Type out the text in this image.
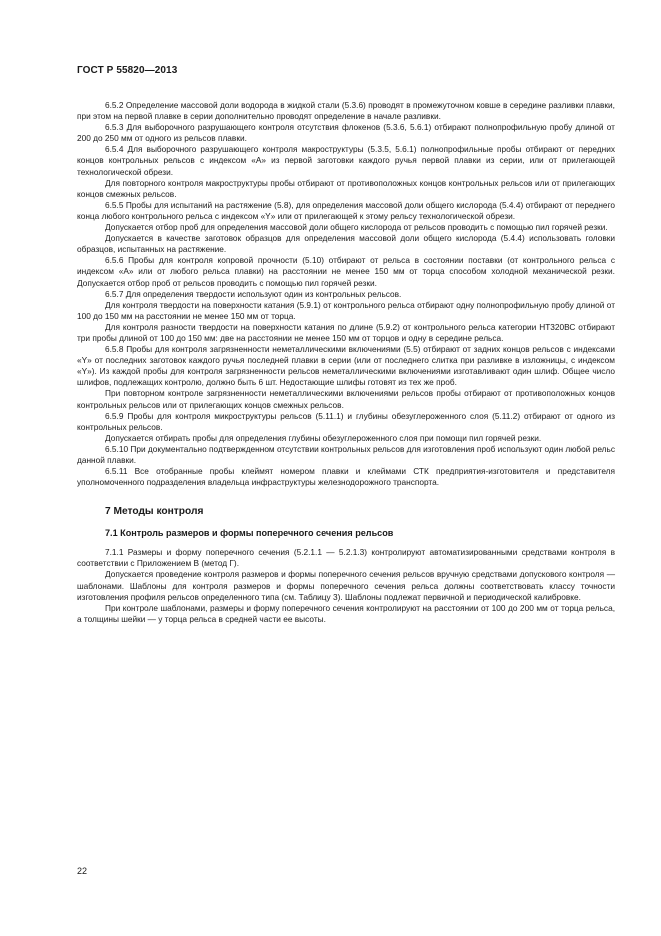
ГОСТ Р 55820—2013

6.5.2 Определение массовой доли водорода в жидкой стали (5.3.6) проводят в промежуточном ковше в середине разливки плавки, при этом на первой плавке в серии дополнительно проводят определение в начале разливки.

6.5.3 Для выборочного разрушающего контроля отсутствия флокенов (5.3.6, 5.6.1) отбирают полнопрофильную пробу длиной от 200 до 250 мм от одного из рельсов плавки.

6.5.4 Для выборочного разрушающего контроля макроструктуры (5.3.5, 5.6.1) полнопрофильные пробы отбирают от передних концов контрольных рельсов с индексом «А» из первой заготовки каждого ручья первой плавки из серии, или от прилегающей технологической обрези.

Для повторного контроля макроструктуры пробы отбирают от противоположных концов контрольных рельсов или от прилегающих концов смежных рельсов.

6.5.5 Пробы для испытаний на растяжение (5.8), для определения массовой доли общего кислорода (5.4.4) отбирают от переднего конца любого контрольного рельса с индексом «Y» или от прилегающей к этому рельсу технологической обрези.

Допускается отбор проб для определения массовой доли общего кислорода от рельсов проводить с помощью пил горячей резки.

Допускается в качестве заготовок образцов для определения массовой доли общего кислорода (5.4.4) использовать головки образцов, испытанных на растяжение.

6.5.6 Пробы для контроля копровой прочности (5.10) отбирают от рельса в состоянии поставки (от контрольного рельса с индексом «А» или от любого рельса плавки) на расстоянии не менее 150 мм от торца способом холодной механической резки. Допускается отбор проб от рельсов проводить с помощью пил горячей резки.

6.5.7 Для определения твердости используют один из контрольных рельсов.

Для контроля твердости на поверхности катания (5.9.1) от контрольного рельса отбирают одну полнопрофильную пробу длиной от 100 до 150 мм на расстоянии не менее 150 мм от торца.

Для контроля разности твердости на поверхности катания по длине (5.9.2) от контрольного рельса категории НТ320ВС отбирают три пробы длиной от 100 до 150 мм: две на расстоянии не менее 150 мм от торцов и одну в середине рельса.

6.5.8 Пробы для контроля загрязненности неметаллическими включениями (5.5) отбирают от задних концов рельсов с индексами «Y» от последних заготовок каждого ручья последней плавки в серии (или от последнего слитка при разливке в изложницы, с индексом «Y»). Из каждой пробы для контроля загрязненности рельсов неметаллическими включениями изготавливают один шлиф. Общее число шлифов, подлежащих контролю, должно быть 6 шт. Недостающие шлифы готовят из тех же проб.

При повторном контроле загрязненности неметаллическими включениями рельсов пробы отбирают от противоположных концов контрольных рельсов или от прилегающих концов смежных рельсов.

6.5.9 Пробы для контроля микроструктуры рельсов (5.11.1) и глубины обезуглероженного слоя (5.11.2) отбирают от одного из контрольных рельсов.

Допускается отбирать пробы для определения глубины обезуглероженного слоя при помощи пил горячей резки.

6.5.10 При документально подтвержденном отсутствии контрольных рельсов для изготовления проб используют один любой рельс данной плавки.

6.5.11 Все отобранные пробы клеймят номером плавки и клеймами СТК предприятия-изготовителя и представителя уполномоченного подразделения владельца инфраструктуры железнодорожного транспорта.

7 Методы контроля
7.1 Контроль размеров и формы поперечного сечения рельсов

7.1.1 Размеры и форму поперечного сечения (5.2.1.1 — 5.2.1.3) контролируют автоматизированными средствами контроля в соответствии с Приложением В (метод Г).

Допускается проведение контроля размеров и формы поперечного сечения рельсов вручную средствами допускового контроля — шаблонами. Шаблоны для контроля размеров и формы поперечного сечения рельса должны соответствовать классу точности изготовления профиля рельсов определенного типа (см. Таблицу 3). Шаблоны подлежат первичной и периодической калибровке.

При контроле шаблонами, размеры и форму поперечного сечения контролируют на расстоянии от 100 до 200 мм от торца рельса, а толщины шейки — у торца рельса в средней части ее высоты.

22
